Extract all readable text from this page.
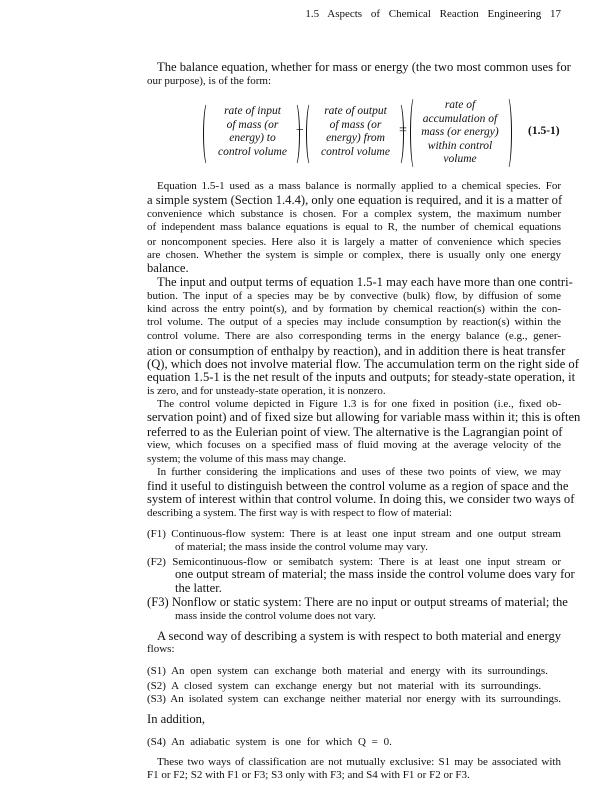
1.5 Aspects of Chemical Reaction Engineering 17
The balance equation, whether for mass or energy (the two most common uses for
our purpose), is of the form:
rate of input
of mass (or
energy) to
control volume
−
rate of output
of mass (or
energy) from
control volume
=
rate of
accumulation of
mass (or energy)
within control
volume
(1.5-1)
Equation 1.5-1 used as a mass balance is normally applied to a chemical species. For
a simple system (Section 1.4.4), only one equation is required, and it is a matter of
convenience which substance is chosen. For a complex system, the maximum number
of independent mass balance equations is equal to R, the number of chemical equations
or noncomponent species. Here also it is largely a matter of convenience which species
are chosen. Whether the system is simple or complex, there is usually only one energy
balance.
The input and output terms of equation 1.5-1 may each have more than one contri-
bution. The input of a species may be by convective (bulk) flow, by diffusion of some
kind across the entry point(s), and by formation by chemical reaction(s) within the con-
trol volume. The output of a species may include consumption by reaction(s) within the
control volume. There are also corresponding terms in the energy balance (e.g., gener-
ation or consumption of enthalpy by reaction), and in addition there is heat transfer
(Q), which does not involve material flow. The accumulation term on the right side of
equation 1.5-1 is the net result of the inputs and outputs; for steady-state operation, it
is zero, and for unsteady-state operation, it is nonzero.
The control volume depicted in Figure 1.3 is for one fixed in position (i.e., fixed ob-
servation point) and of fixed size but allowing for variable mass within it; this is often
referred to as the Eulerian point of view. The alternative is the Lagrangian point of
view, which focuses on a specified mass of fluid moving at the average velocity of the
system; the volume of this mass may change.
In further considering the implications and uses of these two points of view, we may
find it useful to distinguish between the control volume as a region of space and the
system of interest within that control volume. In doing this, we consider two ways of
describing a system. The first way is with respect to flow of material:
(F1) Continuous-flow system: There is at least one input stream and one output stream
of material; the mass inside the control volume may vary.
(F2) Semicontinuous-flow or semibatch system: There is at least one input stream or
one output stream of material; the mass inside the control volume does vary for
the latter.
(F3) Nonflow or static system: There are no input or output streams of material; the
mass inside the control volume does not vary.
A second way of describing a system is with respect to both material and energy
flows:
(S1) An open system can exchange both material and energy with its surroundings.
(S2) A closed system can exchange energy but not material with its surroundings.
(S3) An isolated system can exchange neither material nor energy with its surroundings.
In addition,
(S4) An adiabatic system is one for which Q = 0.
These two ways of classification are not mutually exclusive: S1 may be associated with
F1 or F2; S2 with F1 or F3; S3 only with F3; and S4 with F1 or F2 or F3.
